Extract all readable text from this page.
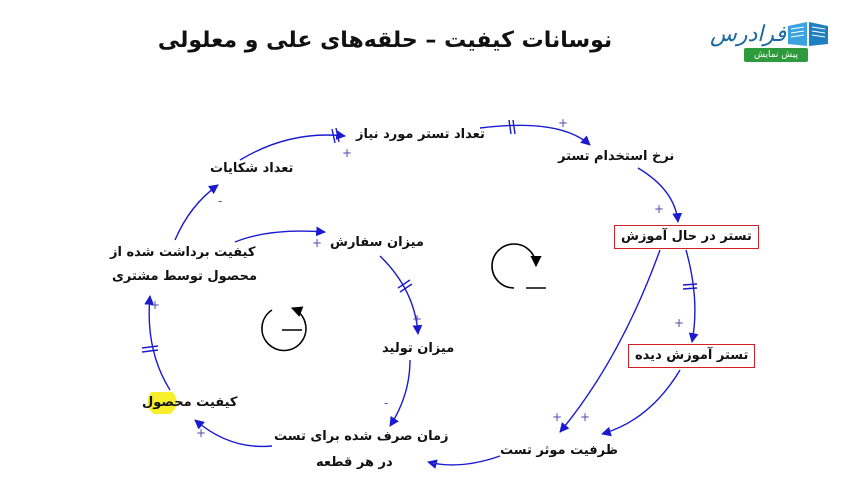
نوسانات کیفیت – حلقه‌های علی و معلولی	فرادرس
پیش نمایش
تعداد تستر مورد نیاز
نرخ استخدام تستر
تستر در حال آموزش
تستر آموزش دیده
ظرفیت موثر تست
زمان صرف شده برای تست
در هر قطعه
کیفیت محصول
کیفیت برداشت شده از
محصول توسط مشتری
تعداد شکایات
میزان سفارش
میزان تولید
+
+
+
+
+ +
-
+
+
-
+
+
-
